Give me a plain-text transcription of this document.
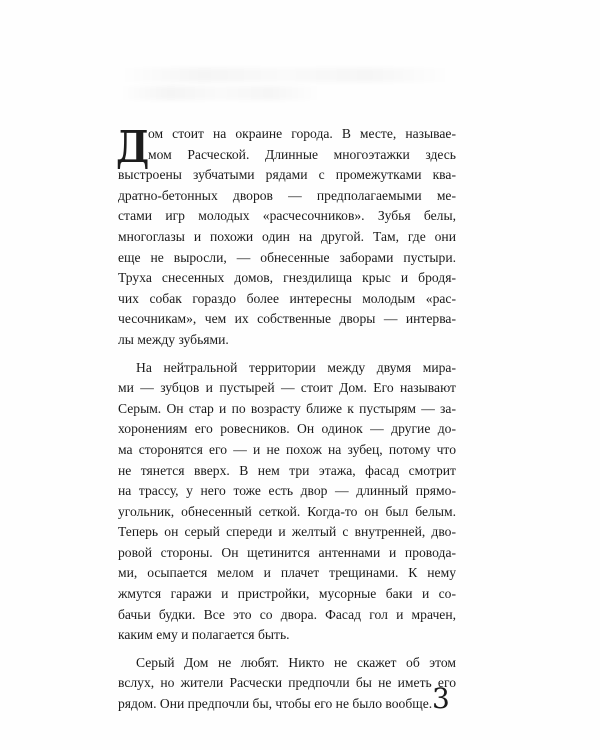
Д ом стоит на окраине города. В месте, называе-
мом Расческой. Длинные многоэтажки здесь
выстроены зубчатыми рядами с промежутками ква-
дратно-бетонных дворов — предполагаемыми ме-
стами игр молодых «расчесочников». Зубья белы,
многоглазы и похожи один на другой. Там, где они
еще не выросли, — обнесенные заборами пустыри.
Труха снесенных домов, гнездилища крыс и бродя-
чих собак гораздо более интересны молодым «рас-
чесочникам», чем их собственные дворы — интерва-
лы между зубьями.
На нейтральной территории между двумя мира-
ми — зубцов и пустырей — стоит Дом. Его называют
Серым. Он стар и по возрасту ближе к пустырям — за-
хоронениям его ровесников. Он одинок — другие до-
ма сторонятся его — и не похож на зубец, потому что
не тянется вверх. В нем три этажа, фасад смотрит
на трассу, у него тоже есть двор — длинный прямо-
угольник, обнесенный сеткой. Когда-то он был белым.
Теперь он серый спереди и желтый с внутренней, дво-
ровой стороны. Он щетинится антеннами и провода-
ми, осыпается мелом и плачет трещинами. К нему
жмутся гаражи и пристройки, мусорные баки и со-
бачьи будки. Все это со двора. Фасад гол и мрачен,
каким ему и полагается быть.
Серый Дом не любят. Никто не скажет об этом
вслух, но жители Расчески предпочли бы не иметь его
рядом. Они предпочли бы, чтобы его не было вообще. 3
